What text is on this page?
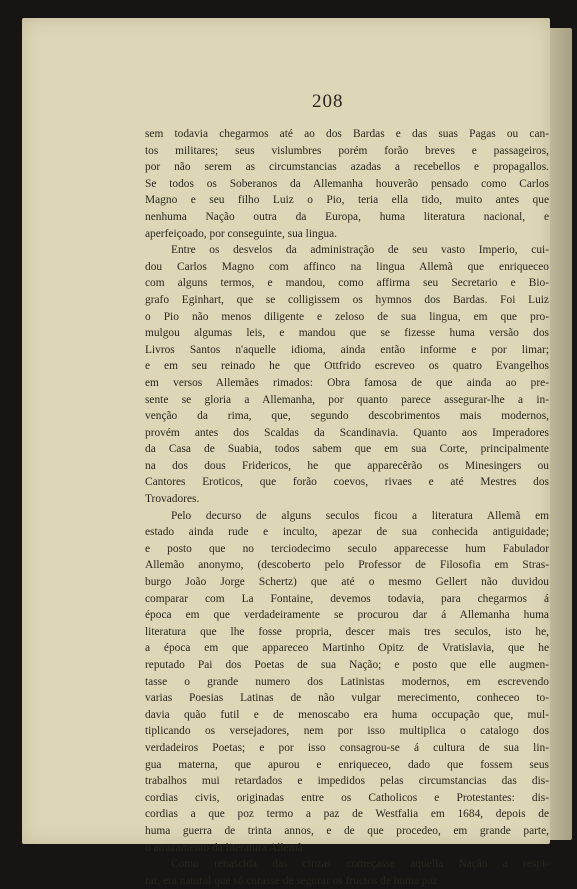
208
sem todavia chegarmos até ao dos Bardas e das suas Pagas ou can-
tos militares; seus vislumbres porém forão breves e passageiros,
por não serem as circumstancias azadas a recebellos e propagallos.
Se todos os Soberanos da Allemanha houverão pensado como Carlos
Magno e seu filho Luiz o Pio, teria ella tido, muito antes que
nenhuma Nação outra da Europa, huma literatura nacional, e
aperfeiçoado, por conseguinte, sua lingua.
Entre os desvelos da administração de seu vasto Imperio, cui-
dou Carlos Magno com affinco na lingua Allemã que enriqueceo
com alguns termos, e mandou, como affirma seu Secretario e Bio-
grafo Eginhart, que se colligissem os hymnos dos Bardas. Foi Luiz
o Pio não menos diligente e zeloso de sua lingua, em que pro-
mulgou algumas leis, e mandou que se fizesse huma versão dos
Livros Santos n'aquelle idioma, ainda então informe e por limar;
e em seu reinado he que Ottfrido escreveo os quatro Evangelhos
em versos Allemães rimados: Obra famosa de que ainda ao pre-
sente se gloria a Allemanha, por quanto parece assegurar-lhe a in-
venção da rima, que, segundo descobrimentos mais modernos,
provém antes dos Scaldas da Scandinavia. Quanto aos Imperadores
da Casa de Suabia, todos sabem que em sua Corte, principalmente
na dos dous Fridericos, he que apparecêrão os Minesingers ou
Cantores Eroticos, que forão coevos, rivaes e até Mestres dos
Trovadores.
Pelo decurso de alguns seculos ficou a literatura Allemã em
estado ainda rude e inculto, apezar de sua conhecida antiguidade;
e posto que no terciodecimo seculo apparecesse hum Fabulador
Allemão anonymo, (descoberto pelo Professor de Filosofia em Stras-
burgo João Jorge Schertz) que até o mesmo Gellert não duvidou
comparar com La Fontaine, devemos todavia, para chegarmos á
época em que verdadeiramente se procurou dar á Allemanha huma
literatura que lhe fosse propria, descer mais tres seculos, isto he,
a época em que appareceo Martinho Opitz de Vratislavia, que he
reputado Pai dos Poetas de sua Nação; e posto que elle augmen-
tasse o grande numero dos Latinistas modernos, em escrevendo
varias Poesias Latinas de não vulgar merecimento, conheceo to-
davia quão futil e de menoscabo era huma occupação que, mul-
tiplicando os versejadores, nem por isso multiplica o catalogo dos
verdadeiros Poetas; e por isso consagrou-se á cultura de sua lin-
gua materna, que apurou e enriqueceo, dado que fossem seus
trabalhos mui retardados e impedidos pelas circumstancias das dis-
cordias civis, originadas entre os Catholicos e Protestantes: dis-
cordias a que poz termo a paz de Westfalia em 1684, depois de
huma guerra de trinta annos, e de que procedeo, em grande parte,
o atrazamento da literatura Allemã.
Como renascida das cinzas começasse aquella Nação a respi-
rar, era natural que só curasse de segurar os fructos de huma paz
